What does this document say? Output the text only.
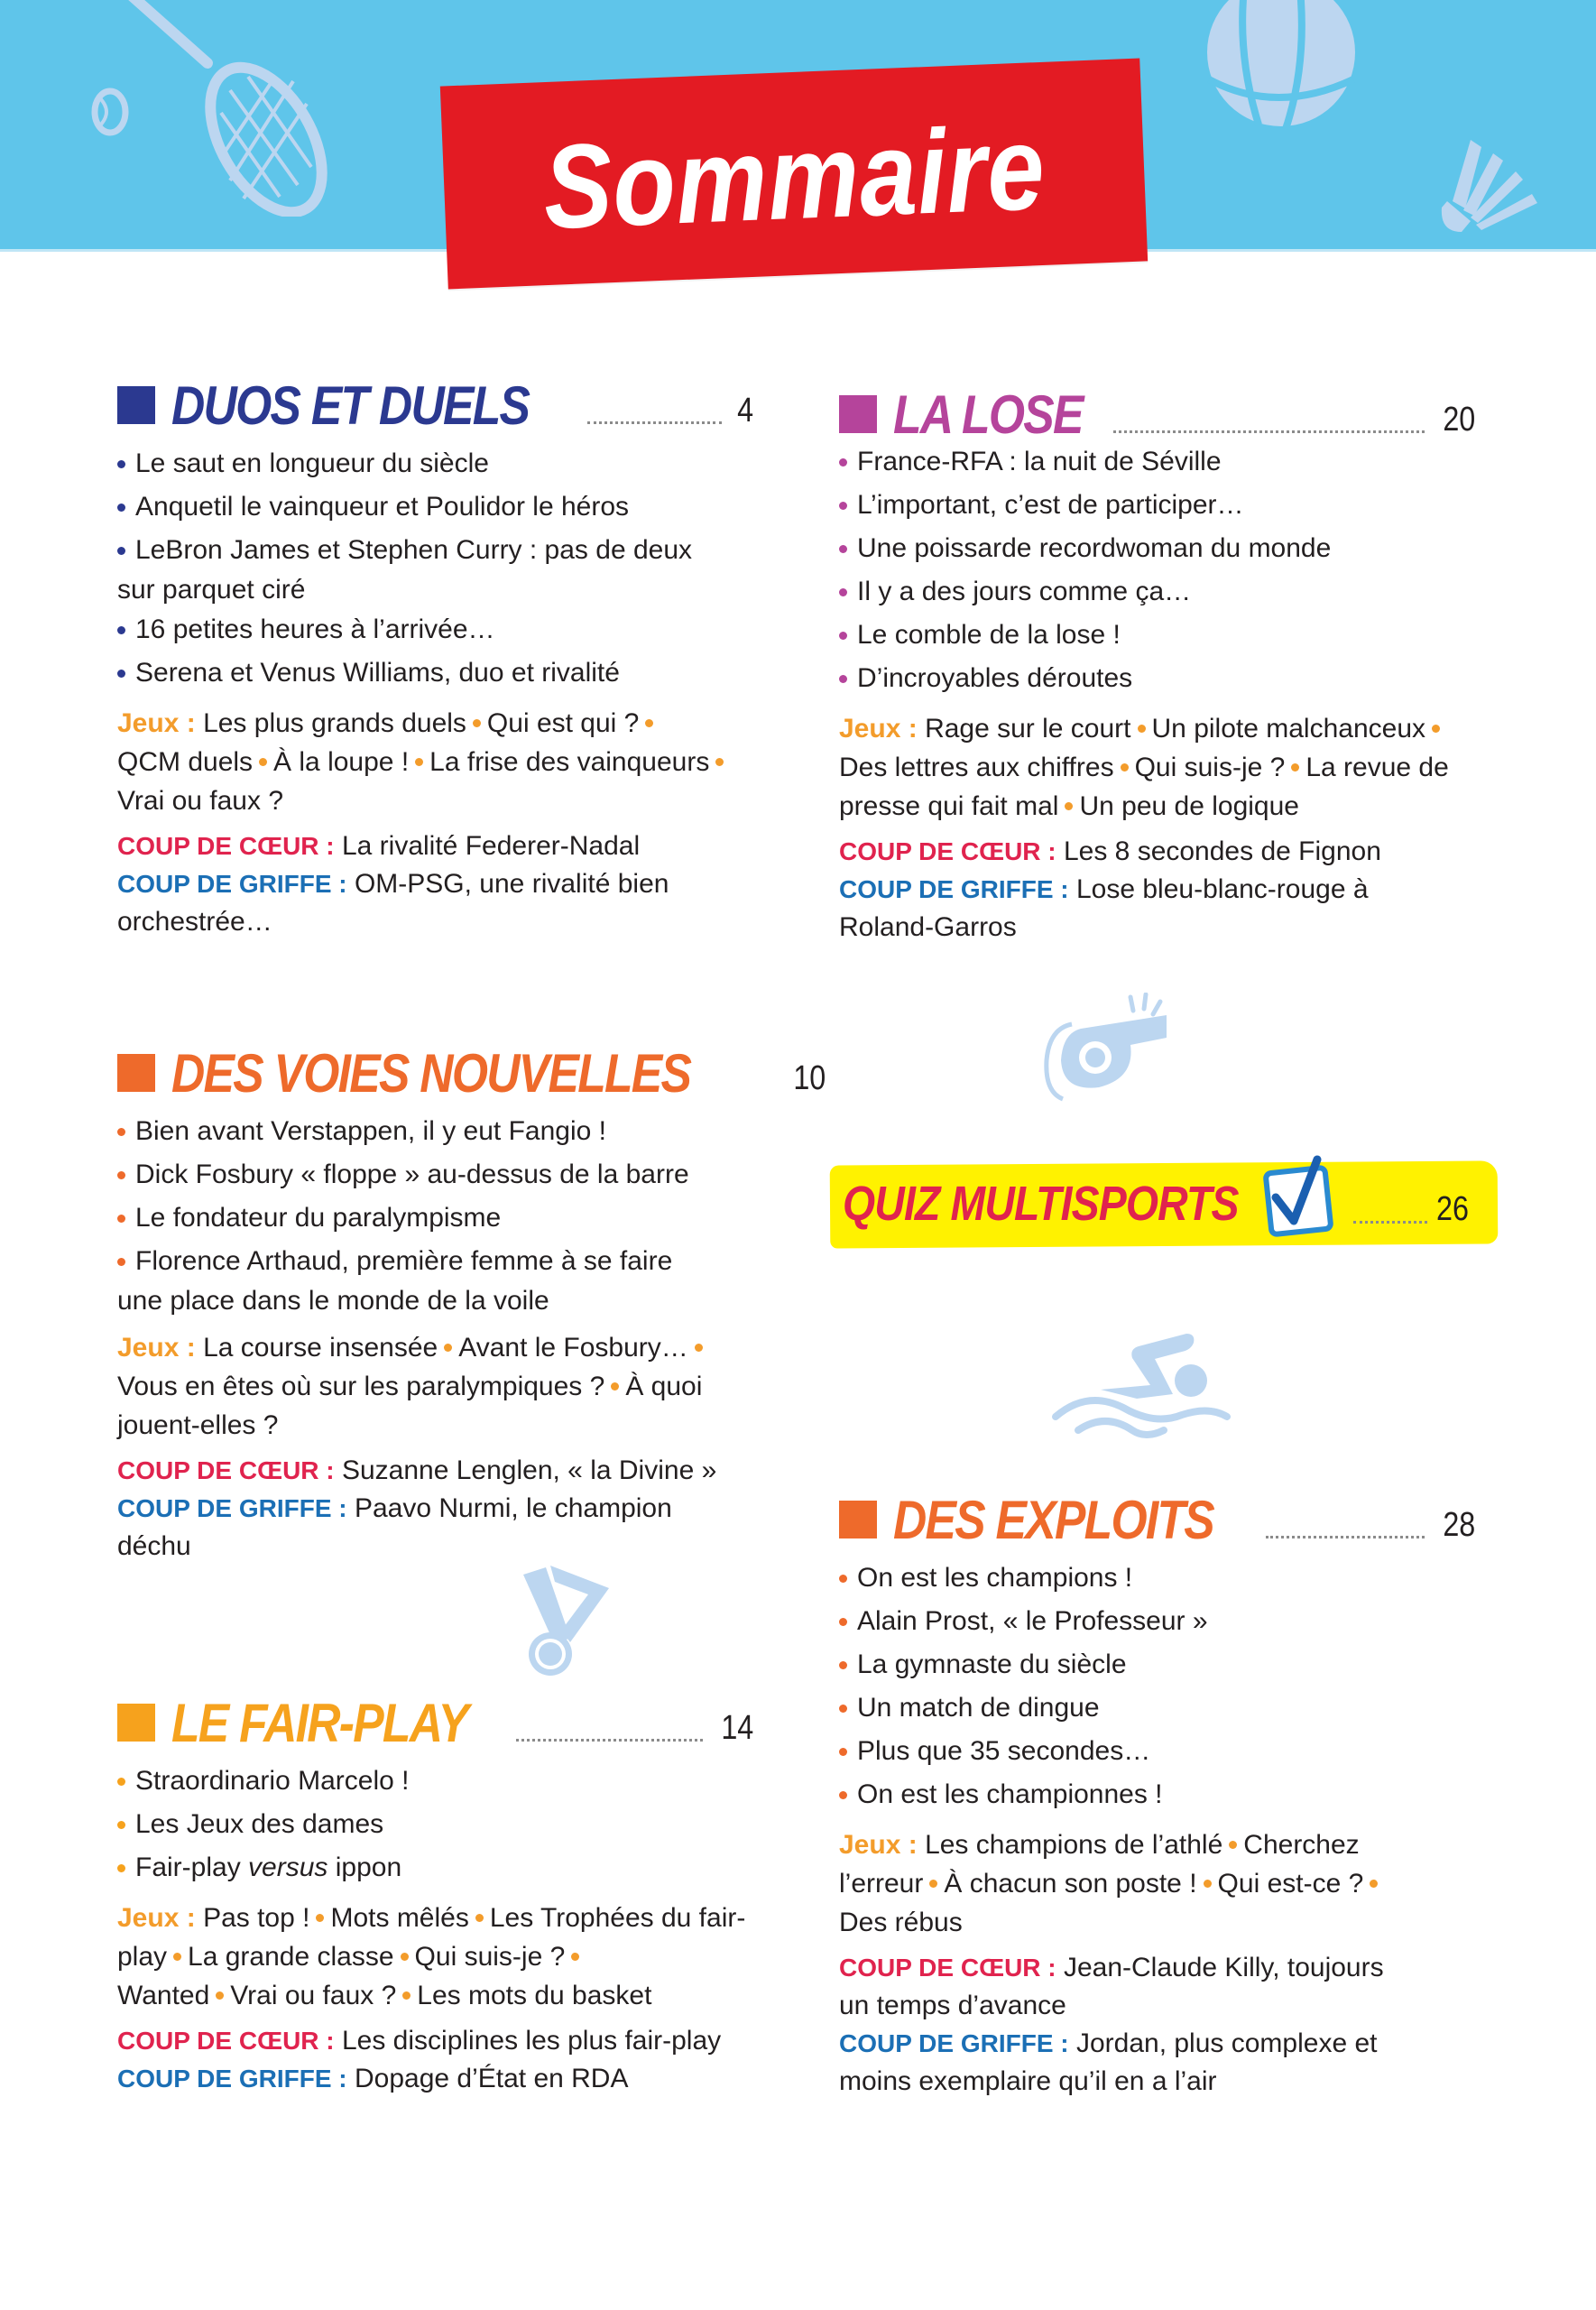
Sommaire
DUOS ET DUELS	4
Le saut en longueur du siècle
Anquetil le vainqueur et Poulidor le héros
LeBron James et Stephen Curry : pas de deux
sur parquet ciré
16 petites heures à l’arrivée…
Serena et Venus Williams, duo et rivalité

Jeux : Les plus grands duels Qui est qui ?
QCM duels À la loupe ! La frise des vainqueurs
Vrai ou faux ?

COUP DE CŒUR : La rivalité Federer-Nadal

COUP DE GRIFFE : OM-PSG, une rivalité bien orchestrée…

LA LOSE	20
France-RFA : la nuit de Séville
L’important, c’est de participer…
Une poissarde recordwoman du monde
Il y a des jours comme ça…
Le comble de la lose !
D’incroyables déroutes

Jeux : Rage sur le court Un pilote malchanceux
Des lettres aux chiffres Qui suis-je ? La revue de presse qui fait mal Un peu de logique

COUP DE CŒUR : Les 8 secondes de Fignon

COUP DE GRIFFE : Lose bleu-blanc-rouge à Roland-Garros

QUIZ MULTISPORTS	26
DES VOIES NOUVELLES	10
Bien avant Verstappen, il y eut Fangio !
Dick Fosbury « floppe » au-dessus de la barre
Le fondateur du paralympisme
Florence Arthaud, première femme à se faire
une place dans le monde de la voile

Jeux : La course insensée Avant le Fosbury…
Vous en êtes où sur les paralympiques ? À quoi jouent-elles ?

COUP DE CŒUR : Suzanne Lenglen, « la Divine »

COUP DE GRIFFE : Paavo Nurmi, le champion déchu

LE FAIR-PLAY	14
Straordinario Marcelo !
Les Jeux des dames
Fair-play versus ippon

Jeux : Pas top ! Mots mêlés Les Trophées du fair-play La grande classe Qui suis-je ?
Wanted Vrai ou faux ? Les mots du basket

COUP DE CŒUR : Les disciplines les plus fair-play

COUP DE GRIFFE : Dopage d’État en RDA

DES EXPLOITS	28
On est les champions !
Alain Prost, « le Professeur »
La gymnaste du siècle
Un match de dingue
Plus que 35 secondes…
On est les championnes !

Jeux : Les champions de l’athlé Cherchez l’erreur À chacun son poste ! Qui est-ce ?
Des rébus

COUP DE CŒUR : Jean-Claude Killy, toujours un temps d’avance

COUP DE GRIFFE : Jordan, plus complexe et moins exemplaire qu’il en a l’air
